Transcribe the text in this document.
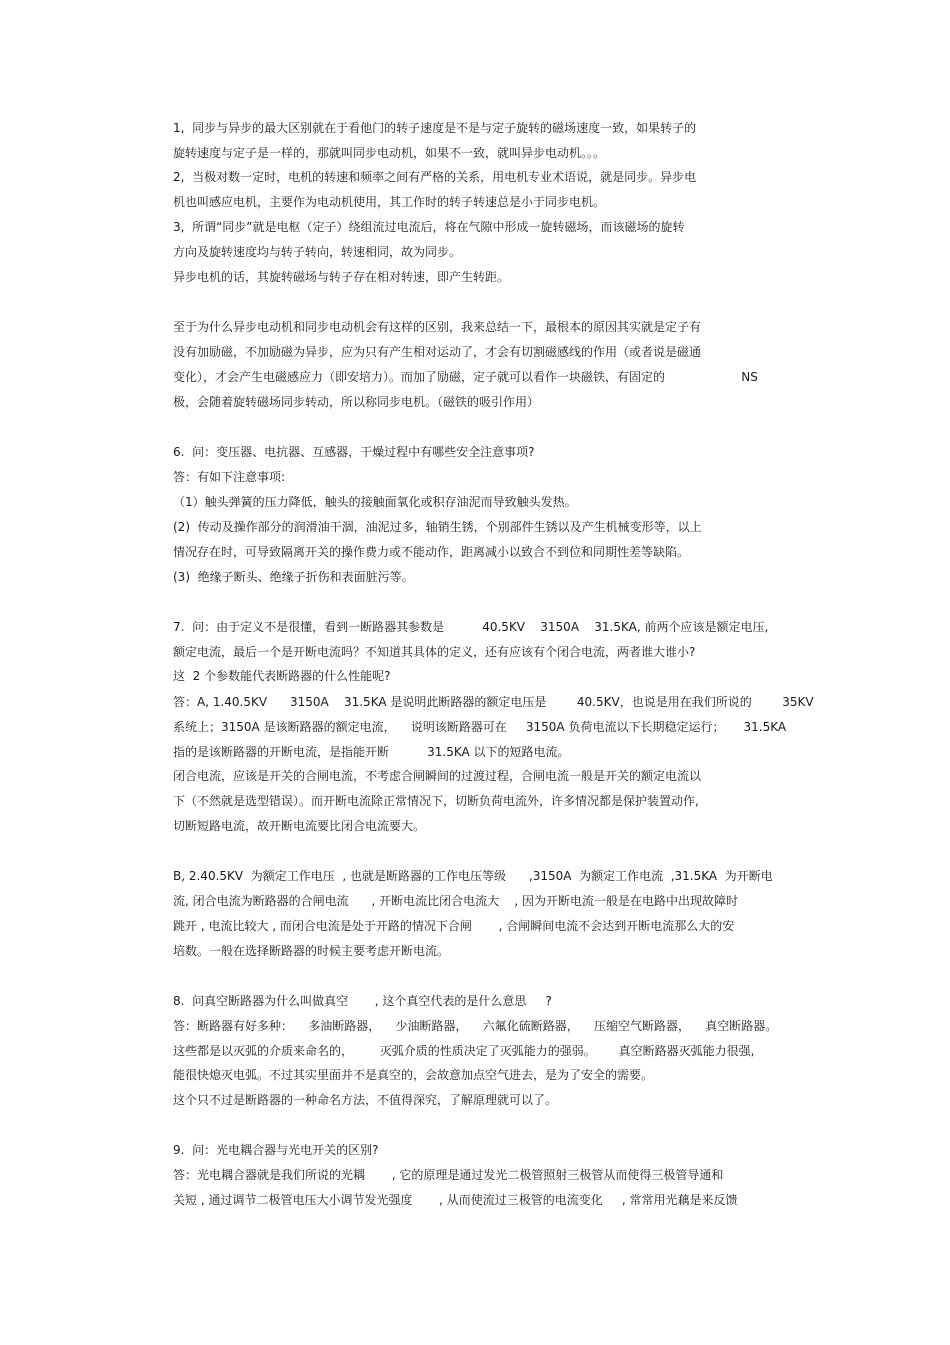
1,  同步与异步的最大区别就在于看他门的转子速度是不是与定子旋转的磁场速度一致，如果转子的
旋转速度与定子是一样的，那就叫同步电动机，如果不一致，就叫异步电动机。。。
2,  当极对数一定时，电机的转速和频率之间有严格的关系，用电机专业术语说，就是同步。异步电
机也叫感应电机，主要作为电动机使用，其工作时的转子转速总是小于同步电机。
3,  所谓“同步”就是电枢（定子）绕组流过电流后，将在气隙中形成一旋转磁场，而该磁场的旋转
方向及旋转速度均与转子转向，转速相同，故为同步。
异步电机的话，其旋转磁场与转子存在相对转速，即产生转距。
至于为什么异步电动机和同步电动机会有这样的区别，我来总结一下，最根本的原因其实就是定子有
没有加励磁，不加励磁为异步，应为只有产生相对运动了，才会有切割磁感线的作用（或者说是磁通
变化），才会产生电磁感应力（即安培力）。而加了励磁，定子就可以看作一块磁铁，有固定的                    NS
极，会随着旋转磁场同步转动，所以称同步电机。（磁铁的吸引作用）
6.  问：变压器、电抗器、互感器，干燥过程中有哪些安全注意事项?
答：有如下注意事项:
（1）触头弹簧的压力降低，触头的接触面氧化或积存油泥而导致触头发热。
(2)  传动及操作部分的润滑油干涸，油泥过多，轴销生锈，个别部件生锈以及产生机械变形等，以上
情况存在时，可导致隔离开关的操作费力或不能动作，距离减小以致合不到位和同期性差等缺陷。
(3)  绝缘子断头、绝缘子折伤和表面脏污等。
7.  问：由于定义不是很懂，看到一断路器其参数是          40.5KV    3150A    31.5KA, 前两个应该是额定电压,
额定电流，最后一个是开断电流吗？不知道其具体的定义，还有应该有个闭合电流，两者谁大谁小?
这  2 个参数能代表断路器的什么性能呢?
答：A, 1.40.5KV      3150A    31.5KA 是说明此断路器的额定电压是        40.5KV，也说是用在我们所说的        35KV
系统上；3150A 是该断路器的额定电流，    说明该断路器可在     3150A 负荷电流以下长期稳定运行；     31.5KA
指的是该断路器的开断电流，是指能开断          31.5KA 以下的短路电流。
闭合电流，应该是开关的合闸电流，不考虑合闸瞬间的过渡过程，合闸电流一般是开关的额定电流以
下（不然就是选型错误）。而开断电流除正常情况下，切断负荷电流外，许多情况都是保护装置动作,
切断短路电流，故开断电流要比闭合电流要大。
B, 2.40.5KV  为额定工作电压  , 也就是断路器的工作电压等级      ,3150A  为额定工作电流  ,31.5KA  为开断电
流, 闭合电流为断路器的合闸电流      , 开断电流比闭合电流大    , 因为开断电流一般是在电路中出现故障时
跳开 , 电流比较大 , 而闭合电流是处于开路的情况下合闸       , 合闸瞬间电流不会达到开断电流那么大的安
培数。一般在选择断路器的时候主要考虑开断电流。
8.  问真空断路器为什么叫做真空       , 这个真空代表的是什么意思     ?
答：断路器有好多种：    多油断路器，    少油断路器，    六氟化硫断路器，    压缩空气断路器，    真空断路器。
这些都是以灭弧的介质来命名的，       灭弧介质的性质决定了灭弧能力的强弱。      真空断路器灭弧能力很强,
能很快熄灭电弧。不过其实里面并不是真空的，会故意加点空气进去，是为了安全的需要。
这个只不过是断路器的一种命名方法，不值得深究，了解原理就可以了。
9.  问：光电耦合器与光电开关的区别?
答：光电耦合器就是我们所说的光耦       , 它的原理是通过发光二极管照射三极管从而使得三极管导通和
关短 , 通过调节二极管电压大小调节发光强度       , 从而使流过三极管的电流变化     , 常常用光藕是来反馈
